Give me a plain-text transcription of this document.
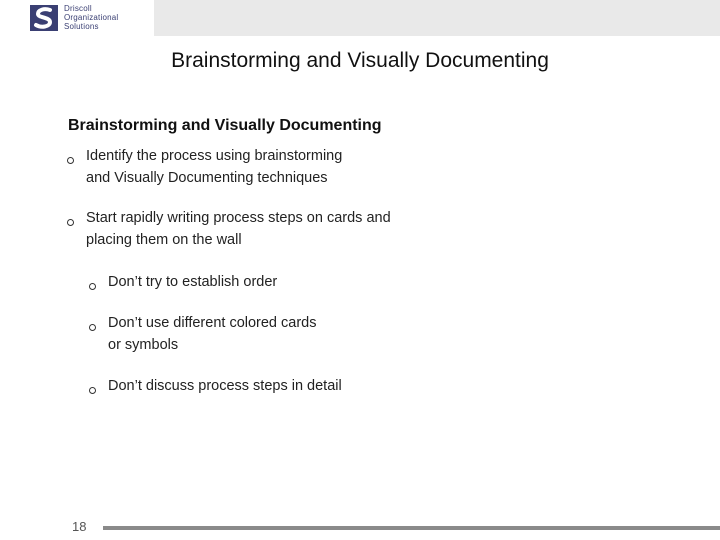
Driscoll
Organizational
Solutions
Brainstorming and Visually Documenting
Brainstorming and Visually Documenting
Identify the process using brainstorming
and Visually Documenting techniques
Start rapidly writing process steps on cards and
placing them on the wall
Don’t try to establish order
Don’t use different colored cards
or symbols
Don’t discuss process steps in detail
18
